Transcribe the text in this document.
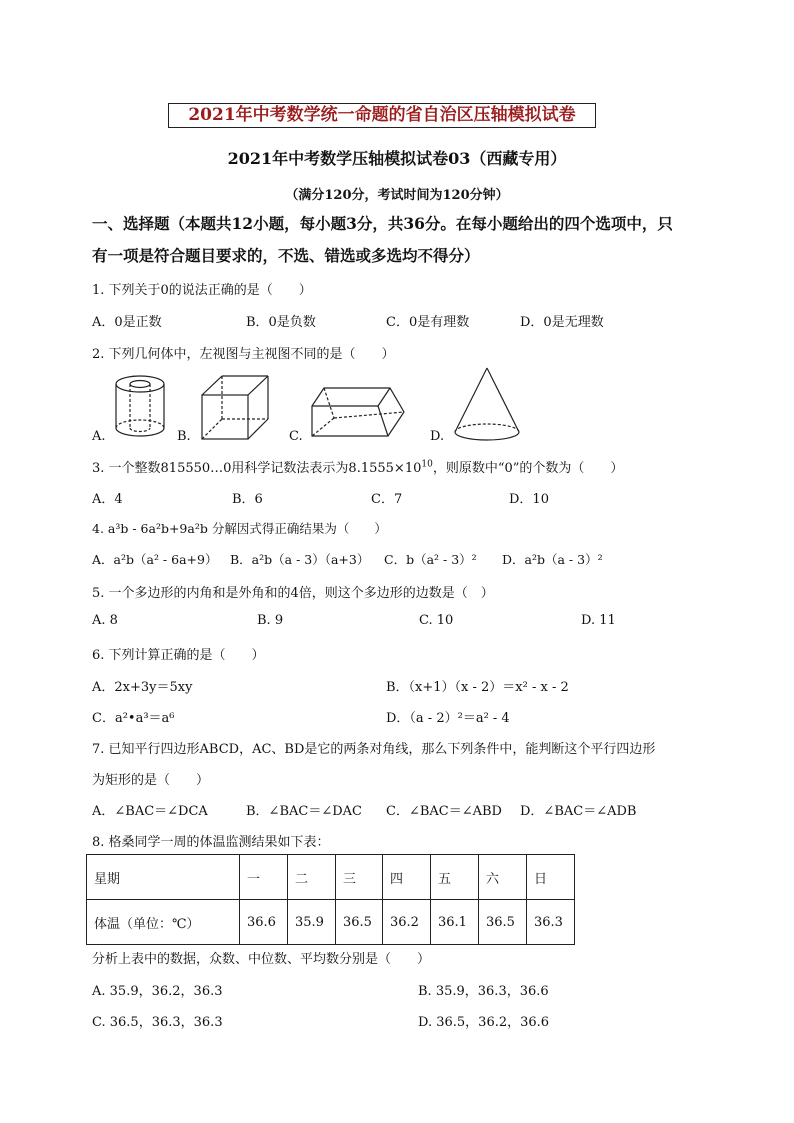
2021年中考数学统一命题的省自治区压轴模拟试卷
2021年中考数学压轴模拟试卷03（西藏专用）
（满分120分，考试时间为120分钟）
一、选择题（本题共12小题，每小题3分，共36分。在每小题给出的四个选项中，只
有一项是符合题目要求的，不选、错选或多选均不得分）
1. 下列关于0的说法正确的是（　　）
A．0是正数	B．0是负数	C．0是有理数	D．0是无理数
2. 下列几何体中，左视图与主视图不同的是（　　）
A.	B.	C.	D.
3. 一个整数815550…0用科学记数法表示为$8.1555\times 10^{10}$，则原数中“0”的个数为（　　）
A．4	B．6	C．7	D．10
4. a³b - 6a²b+9a²b 分解因式得正确结果为（　　）
A．a²b（a² - 6a+9） B．a²b（a - 3）（a+3） C．b（a² - 3）² D．a²b（a - 3）²
5. 一个多边形的内角和是外角和的4倍，则这个多边形的边数是（　）
A. 8	B. 9	C. 10	D. 11
6. 下列计算正确的是（　　）
A．2x+3y＝5xy	B．（x+1）（x - 2）＝x² - x - 2
C．a²•a³＝a⁶	D．（a - 2）²＝a² - 4
7. 已知平行四边形ABCD，AC、BD是它的两条对角线，那么下列条件中，能判断这个平行四边形
为矩形的是（　　）
A．∠BAC＝∠DCA	B．∠BAC＝∠DAC C．∠BAC＝∠ABD D．∠BAC＝∠ADB
8. 格桑同学一周的体温监测结果如下表：
星期	一	二	三	四	五	六	日
体温（单位：℃）	36.6	35.9	36.5	36.2	36.1	36.5	36.3
分析上表中的数据，众数、中位数、平均数分别是（　　）
A. 35.9，36.2，36.3	B. 35.9，36.3，36.6
C. 36.5，36.3，36.3	D. 36.5，36.2，36.6
